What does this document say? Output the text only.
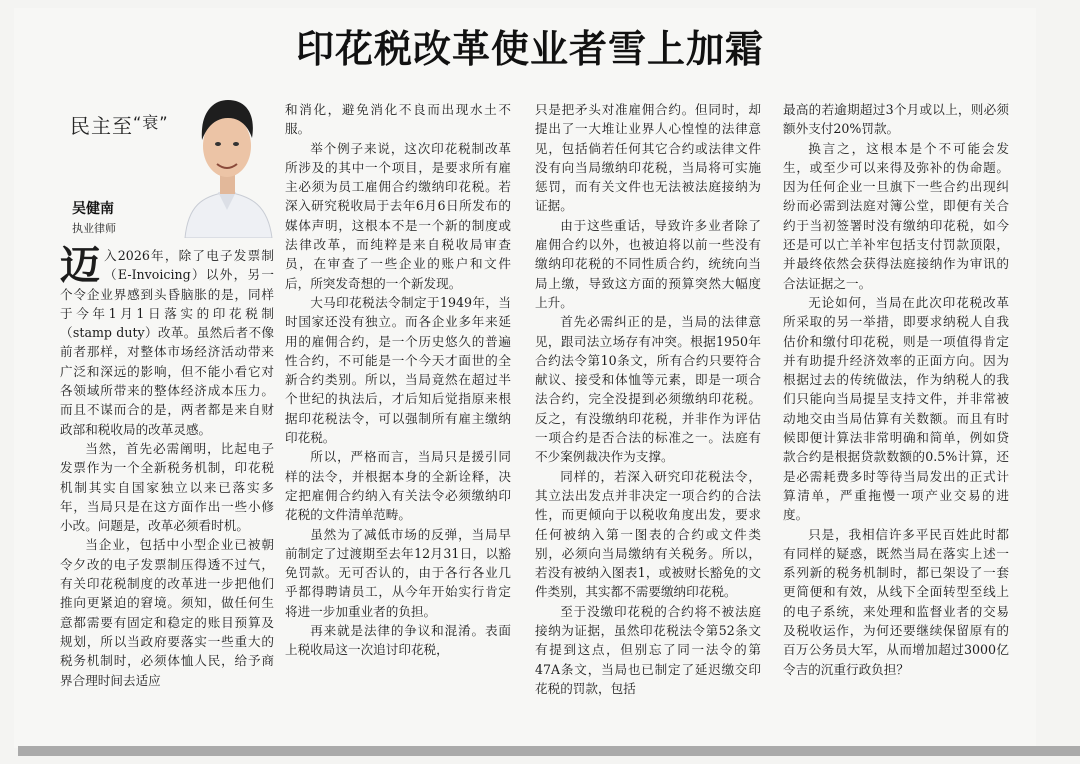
印花税改革使业者雪上加霜
民主至$^{“衰”}$
吴健南
执业律师

迈入2026年，除了电子发票制（E-Invoicing）以外，另一个令企业界感到头昏脑胀的是，同样于今年1月1日落实的印花税制（stamp duty）改革。虽然后者不像前者那样，对整体市场经济活动带来广泛和深远的影响，但不能小看它对各领域所带来的整体经济成本压力。而且不谋而合的是，两者都是来自财政部和税收局的改革灵感。

当然，首先必需阐明，比起电子发票作为一个全新税务机制，印花税机制其实自国家独立以来已落实多年，当局只是在这方面作出一些小修小改。问题是，改革必须看时机。

当企业，包括中小型企业已被朝令夕改的电子发票制压得透不过气，有关印花税制度的改革进一步把他们推向更紧迫的窘境。须知，做任何生意都需要有固定和稳定的账目预算及规划，所以当政府要落实一些重大的税务机制时，必须体恤人民，给予商界合理时间去适应

和消化，避免消化不良而出现水土不服。

举个例子来说，这次印花税制改革所涉及的其中一个项目，是要求所有雇主必须为员工雇佣合约缴纳印花税。若深入研究税收局于去年6月6日所发布的媒体声明，这根本不是一个新的制度或法律改革，而纯粹是来自税收局审查员，在审查了一些企业的账户和文件后，所突发奇想的一个新发现。

大马印花税法令制定于1949年，当时国家还没有独立。而各企业多年来延用的雇佣合约，是一个历史悠久的普遍性合约，不可能是一个今天才面世的全新合约类别。所以，当局竟然在超过半个世纪的执法后，才后知后觉指原来根据印花税法令，可以强制所有雇主缴纳印花税。

所以，严格而言，当局只是援引同样的法令，并根据本身的全新诠释，决定把雇佣合约纳入有关法令必须缴纳印花税的文件清单范畴。

虽然为了减低市场的反弹，当局早前制定了过渡期至去年12月31日，以豁免罚款。无可否认的，由于各行各业几乎都得聘请员工，从今年开始实行肯定将进一步加重业者的负担。

再来就是法律的争议和混淆。表面上税收局这一次追讨印花税，

只是把矛头对准雇佣合约。但同时，却提出了一大堆让业界人心惶惶的法律意见，包括倘若任何其它合约或法律文件没有向当局缴纳印花税，当局将可实施惩罚，而有关文件也无法被法庭接纳为证据。

由于这些重话，导致许多业者除了雇佣合约以外，也被迫将以前一些没有缴纳印花税的不同性质合约，统统向当局上缴，导致这方面的预算突然大幅度上升。

首先必需纠正的是，当局的法律意见，跟司法立场存有冲突。根据1950年合约法令第10条文，所有合约只要符合献议、接受和体恤等元素，即是一项合法合约，完全没提到必须缴纳印花税。反之，有没缴纳印花税，并非作为评估一项合约是否合法的标准之一。法庭有不少案例裁决作为支撑。

同样的，若深入研究印花税法令，其立法出发点并非决定一项合约的合法性，而更倾向于以税收角度出发，要求任何被纳入第一图表的合约或文件类别，必须向当局缴纳有关税务。所以，若没有被纳入图表1，或被财长豁免的文件类别，其实都不需要缴纳印花税。

至于没缴印花税的合约将不被法庭接纳为证据，虽然印花税法令第52条文有提到这点，但别忘了同一法令的第47A条文，当局也已制定了延迟缴交印花税的罚款，包括

最高的若逾期超过3个月或以上，则必须额外支付20%罚款。

换言之，这根本是个不可能会发生，或至少可以来得及弥补的伪命题。因为任何企业一旦旗下一些合约出现纠纷而必需到法庭对簿公堂，即便有关合约于当初签署时没有缴纳印花税，如今还是可以亡羊补牢包括支付罚款顶限，并最终依然会获得法庭接纳作为审讯的合法证据之一。

无论如何，当局在此次印花税改革所采取的另一举措，即要求纳税人自我估价和缴付印花税，则是一项值得肯定并有助提升经济效率的正面方向。因为根据过去的传统做法，作为纳税人的我们只能向当局提呈支持文件，并非常被动地交由当局估算有关数额。而且有时候即便计算法非常明确和简单，例如贷款合约是根据贷款数额的0.5%计算，还是必需耗费多时等待当局发出的正式计算清单，严重拖慢一项产业交易的进度。

只是，我相信许多平民百姓此时都有同样的疑惑，既然当局在落实上述一系列新的税务机制时，都已架设了一套更简便和有效，从线下全面转型至线上的电子系统，来处理和监督业者的交易及税收运作，为何还要继续保留原有的百万公务员大军，从而增加超过3000亿令吉的沉重行政负担？
